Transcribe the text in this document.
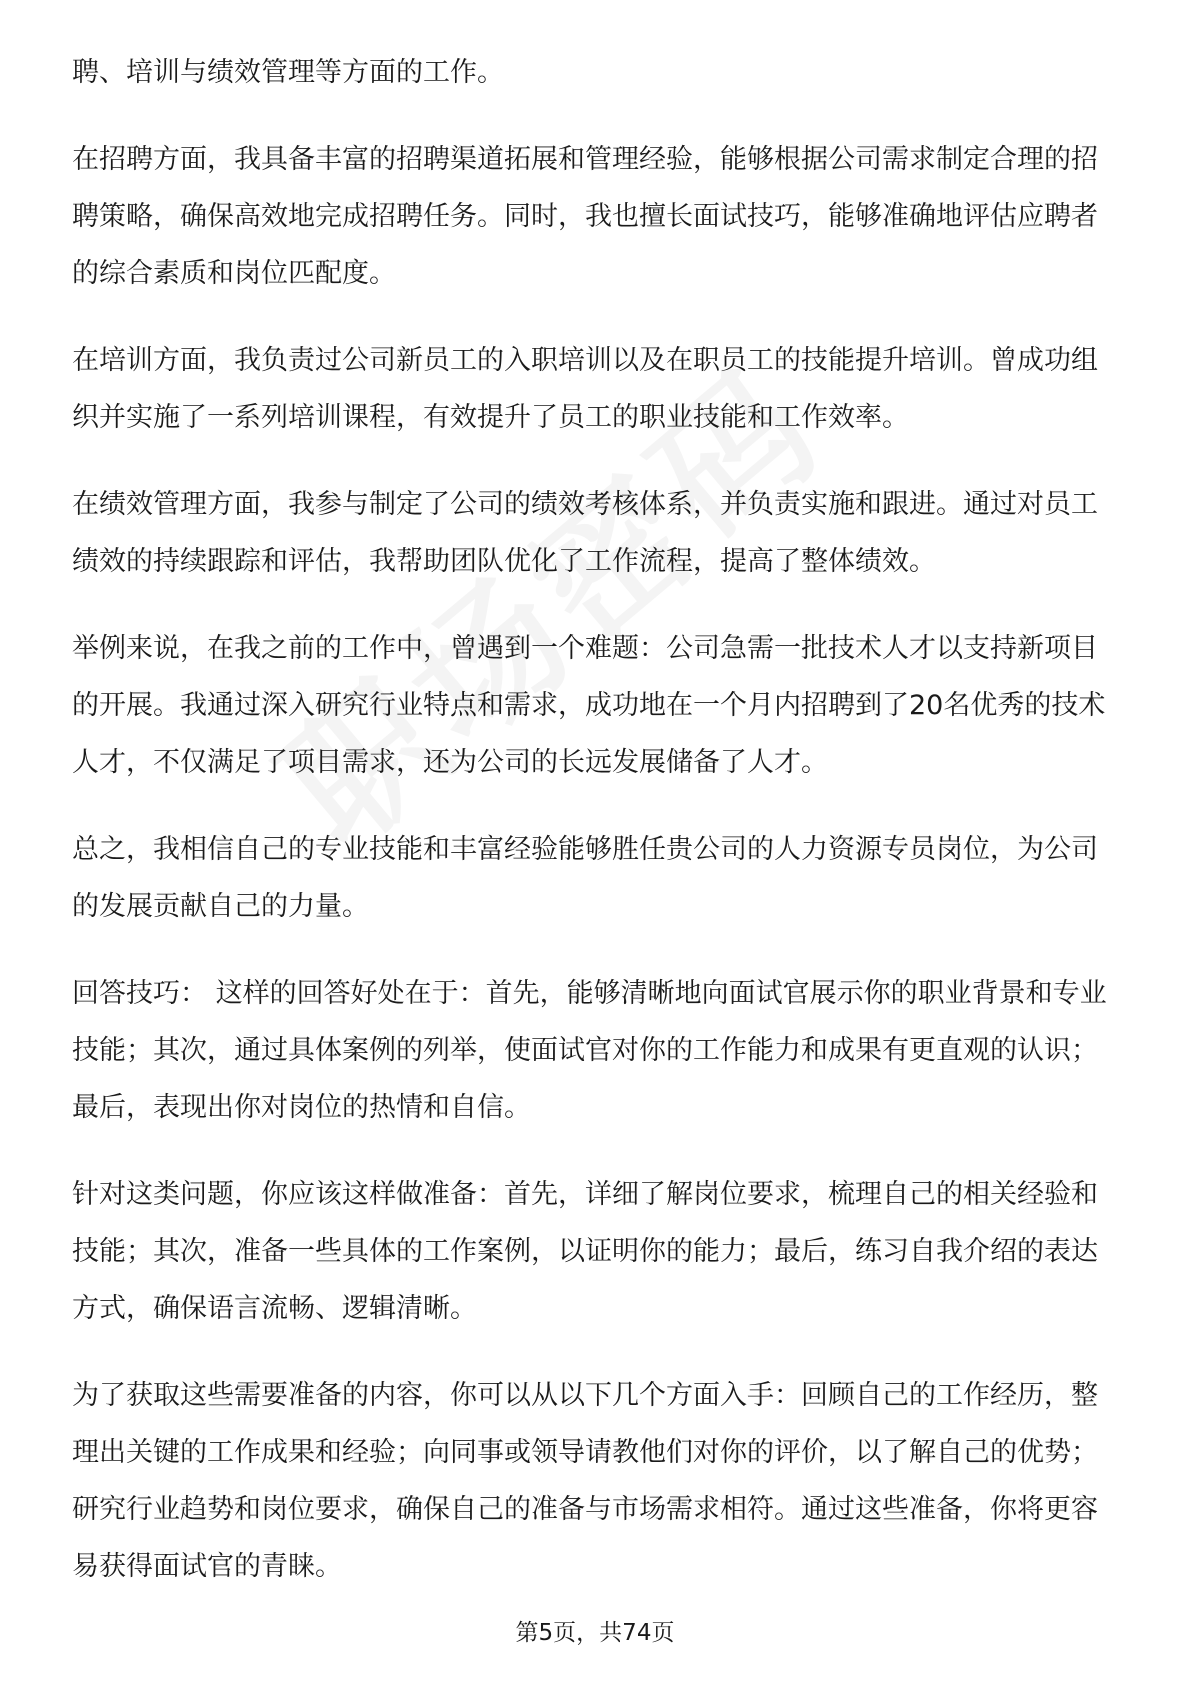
聘、培训与绩效管理等方面的工作。

在招聘方面，我具备丰富的招聘渠道拓展和管理经验，能够根据公司需求制定合理的招聘策略，确保高效地完成招聘任务。同时，我也擅长面试技巧，能够准确地评估应聘者的综合素质和岗位匹配度。

在培训方面，我负责过公司新员工的入职培训以及在职员工的技能提升培训。曾成功组织并实施了一系列培训课程，有效提升了员工的职业技能和工作效率。

在绩效管理方面，我参与制定了公司的绩效考核体系，并负责实施和跟进。通过对员工绩效的持续跟踪和评估，我帮助团队优化了工作流程，提高了整体绩效。

举例来说，在我之前的工作中，曾遇到一个难题：公司急需一批技术人才以支持新项目的开展。我通过深入研究行业特点和需求，成功地在一个月内招聘到了20名优秀的技术人才，不仅满足了项目需求，还为公司的长远发展储备了人才。

总之，我相信自己的专业技能和丰富经验能够胜任贵公司的人力资源专员岗位，为公司的发展贡献自己的力量。

回答技巧： 这样的回答好处在于：首先，能够清晰地向面试官展示你的职业背景和专业技能；其次，通过具体案例的列举，使面试官对你的工作能力和成果有更直观的认识；最后，表现出你对岗位的热情和自信。

针对这类问题，你应该这样做准备：首先，详细了解岗位要求，梳理自己的相关经验和技能；其次，准备一些具体的工作案例，以证明你的能力；最后，练习自我介绍的表达方式，确保语言流畅、逻辑清晰。

为了获取这些需要准备的内容，你可以从以下几个方面入手：回顾自己的工作经历，整理出关键的工作成果和经验；向同事或领导请教他们对你的评价，以了解自己的优势；研究行业趋势和岗位要求，确保自己的准备与市场需求相符。通过这些准备，你将更容易获得面试官的青睐。

第5页，共74页
